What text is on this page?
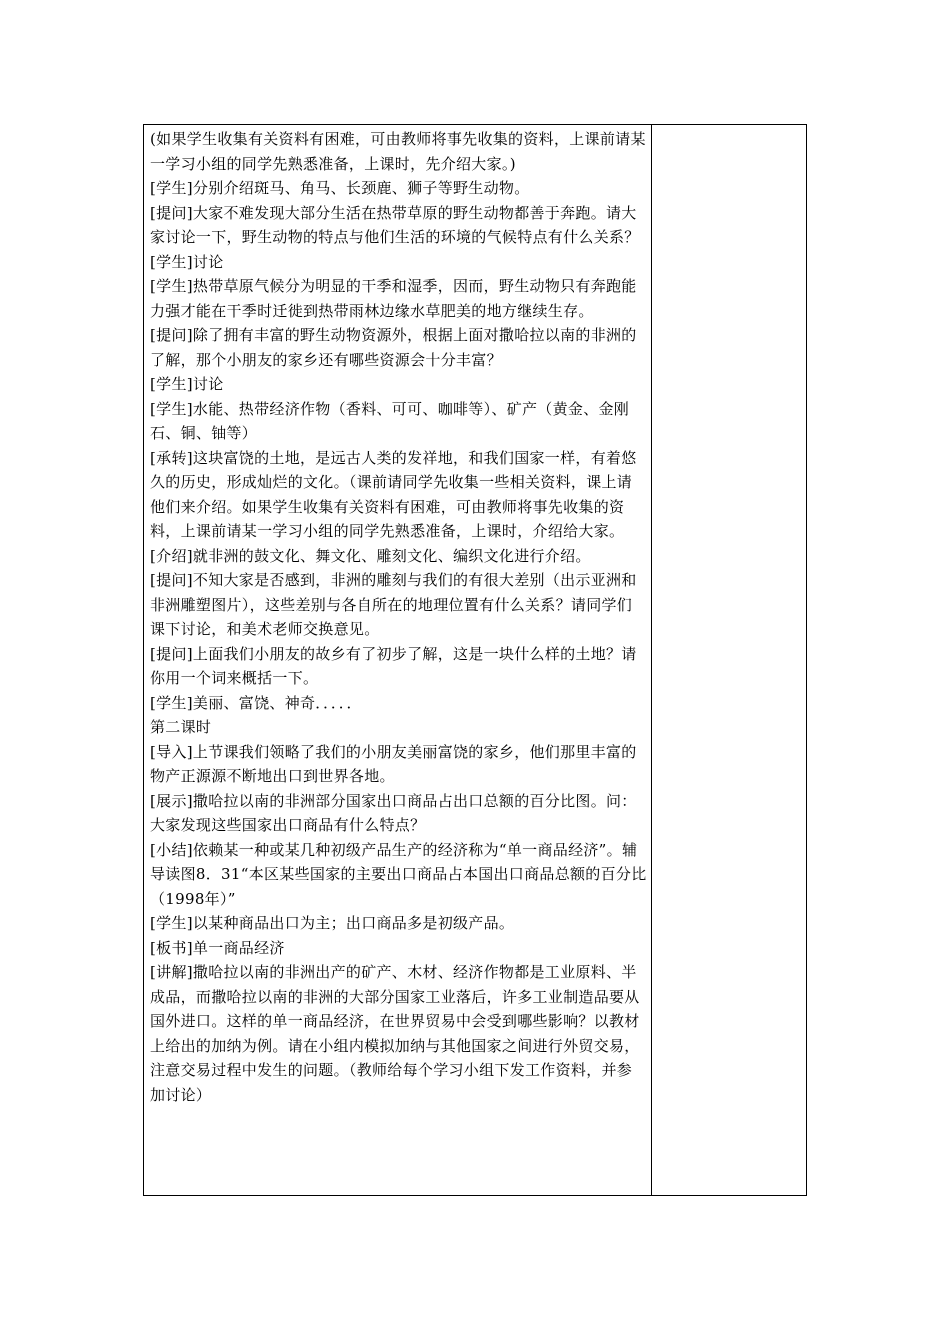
(如果学生收集有关资料有困难，可由教师将事先收集的资料，上课前请某一学习小组的同学先熟悉准备，上课时，先介绍大家。)

[学生]分别介绍斑马、角马、长颈鹿、狮子等野生动物。

[提问]大家不难发现大部分生活在热带草原的野生动物都善于奔跑。请大家讨论一下，野生动物的特点与他们生活的环境的气候特点有什么关系？

[学生]讨论

[学生]热带草原气候分为明显的干季和湿季，因而，野生动物只有奔跑能力强才能在干季时迁徙到热带雨林边缘水草肥美的地方继续生存。

[提问]除了拥有丰富的野生动物资源外，根据上面对撒哈拉以南的非洲的了解，那个小朋友的家乡还有哪些资源会十分丰富？

[学生]讨论

[学生]水能、热带经济作物（香料、可可、咖啡等）、矿产（黄金、金刚石、铜、铀等）

[承转]这块富饶的土地，是远古人类的发祥地，和我们国家一样，有着悠久的历史，形成灿烂的文化。（课前请同学先收集一些相关资料，课上请他们来介绍。如果学生收集有关资料有困难，可由教师将事先收集的资料，上课前请某一学习小组的同学先熟悉准备，上课时，介绍给大家。

[介绍]就非洲的鼓文化、舞文化、雕刻文化、编织文化进行介绍。

[提问]不知大家是否感到，非洲的雕刻与我们的有很大差别（出示亚洲和非洲雕塑图片），这些差别与各自所在的地理位置有什么关系？请同学们课下讨论，和美术老师交换意见。

[提问]上面我们小朋友的故乡有了初步了解，这是一块什么样的土地？请你用一个词来概括一下。

[学生]美丽、富饶、神奇．．．．．

第二课时

[导入]上节课我们领略了我们的小朋友美丽富饶的家乡，他们那里丰富的物产正源源不断地出口到世界各地。

[展示]撒哈拉以南的非洲部分国家出口商品占出口总额的百分比图。问：大家发现这些国家出口商品有什么特点？

[小结]依赖某一种或某几种初级产品生产的经济称为“单一商品经济”。辅导读图8．31“本区某些国家的主要出口商品占本国出口商品总额的百分比（1998年）”

[学生]以某种商品出口为主；出口商品多是初级产品。

[板书]单一商品经济

[讲解]撒哈拉以南的非洲出产的矿产、木材、经济作物都是工业原料、半成品，而撒哈拉以南的非洲的大部分国家工业落后，许多工业制造品要从国外进口。这样的单一商品经济，在世界贸易中会受到哪些影响？以教材上给出的加纳为例。请在小组内模拟加纳与其他国家之间进行外贸交易，注意交易过程中发生的问题。（教师给每个学习小组下发工作资料，并参加讨论）
